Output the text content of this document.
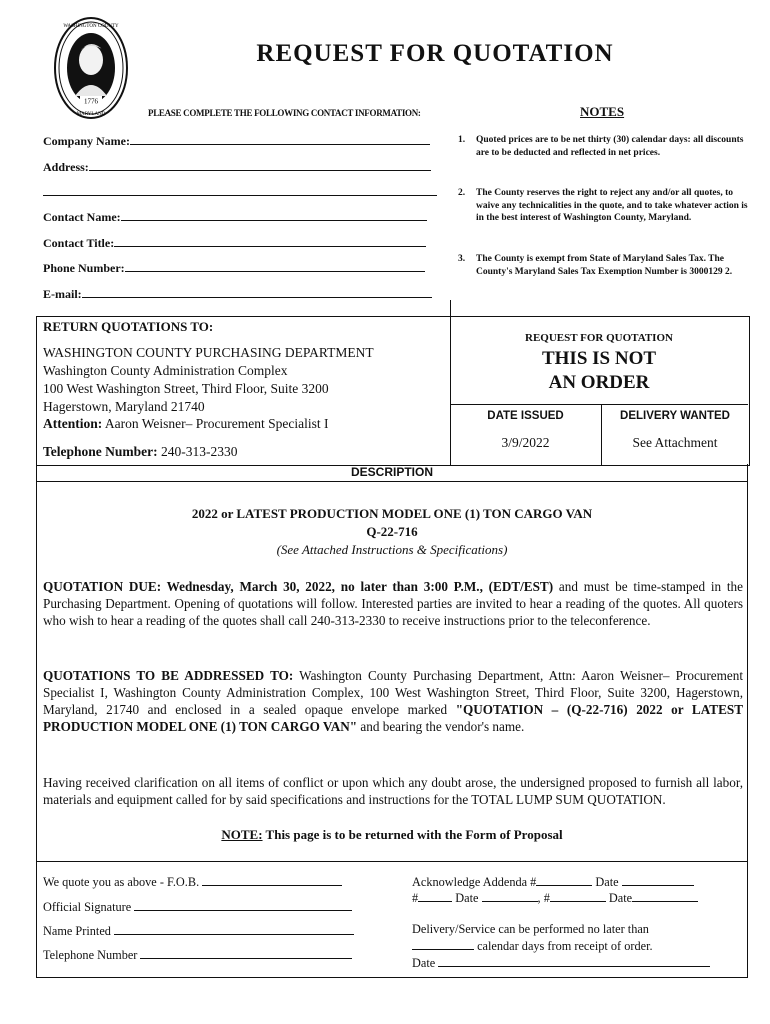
1776
WASHINGTON COUNTY
MARYLAND
REQUEST FOR QUOTATION
PLEASE COMPLETE THE FOLLOWING CONTACT INFORMATION:	NOTES
Company Name:
Address:
Contact Name:
Contact Title:
Phone Number:
E-mail:
1.	Quoted prices are to be net thirty (30) calendar days: all discounts are to be deducted and reflected in net prices.
2.	The County reserves the right to reject any and/or all quotes, to waive any technicalities in the quote, and to take whatever action is in the best interest of Washington County, Maryland.
3.	The County is exempt from State of Maryland Sales Tax. The County's Maryland Sales Tax Exemption Number is 3000129 2.
RETURN QUOTATIONS TO:
WASHINGTON COUNTY PURCHASING DEPARTMENT
Washington County Administration Complex
100 West Washington Street, Third Floor, Suite 3200
Hagerstown, Maryland 21740
Attention: Aaron Weisner– Procurement Specialist I
Telephone Number: 240-313-2330
REQUEST FOR QUOTATION
THIS IS NOT
AN ORDER
DATE ISSUED
3/9/2022
DELIVERY WANTED
See Attachment
DESCRIPTION
2022 or LATEST PRODUCTION MODEL ONE (1) TON CARGO VAN
Q-22-716
(See Attached Instructions & Specifications)
QUOTATION DUE: Wednesday, March 30, 2022, no later than 3:00 P.M., (EDT/EST) and must be time-stamped in the Purchasing Department. Opening of quotations will follow. Interested parties are invited to hear a reading of the quotes. All quoters who wish to hear a reading of the quotes shall call 240-313-2330 to receive instructions prior to the teleconference.
QUOTATIONS TO BE ADDRESSED TO: Washington County Purchasing Department, Attn: Aaron Weisner– Procurement Specialist I, Washington County Administration Complex, 100 West Washington Street, Third Floor, Suite 3200, Hagerstown, Maryland, 21740 and enclosed in a sealed opaque envelope marked "QUOTATION – (Q-22-716) 2022 or LATEST PRODUCTION MODEL ONE (1) TON CARGO VAN" and bearing the vendor's name.
Having received clarification on all items of conflict or upon which any doubt arose, the undersigned proposed to furnish all labor, materials and equipment called for by said specifications and instructions for the TOTAL LUMP SUM QUOTATION.
NOTE: This page is to be returned with the Form of Proposal
We quote you as above - F.O.B.
Official Signature
Name Printed
Telephone Number
Acknowledge Addenda #	Date
#	Date	, #	Date
Delivery/Service can be performed no later than
calendar days from receipt of order.
Date
